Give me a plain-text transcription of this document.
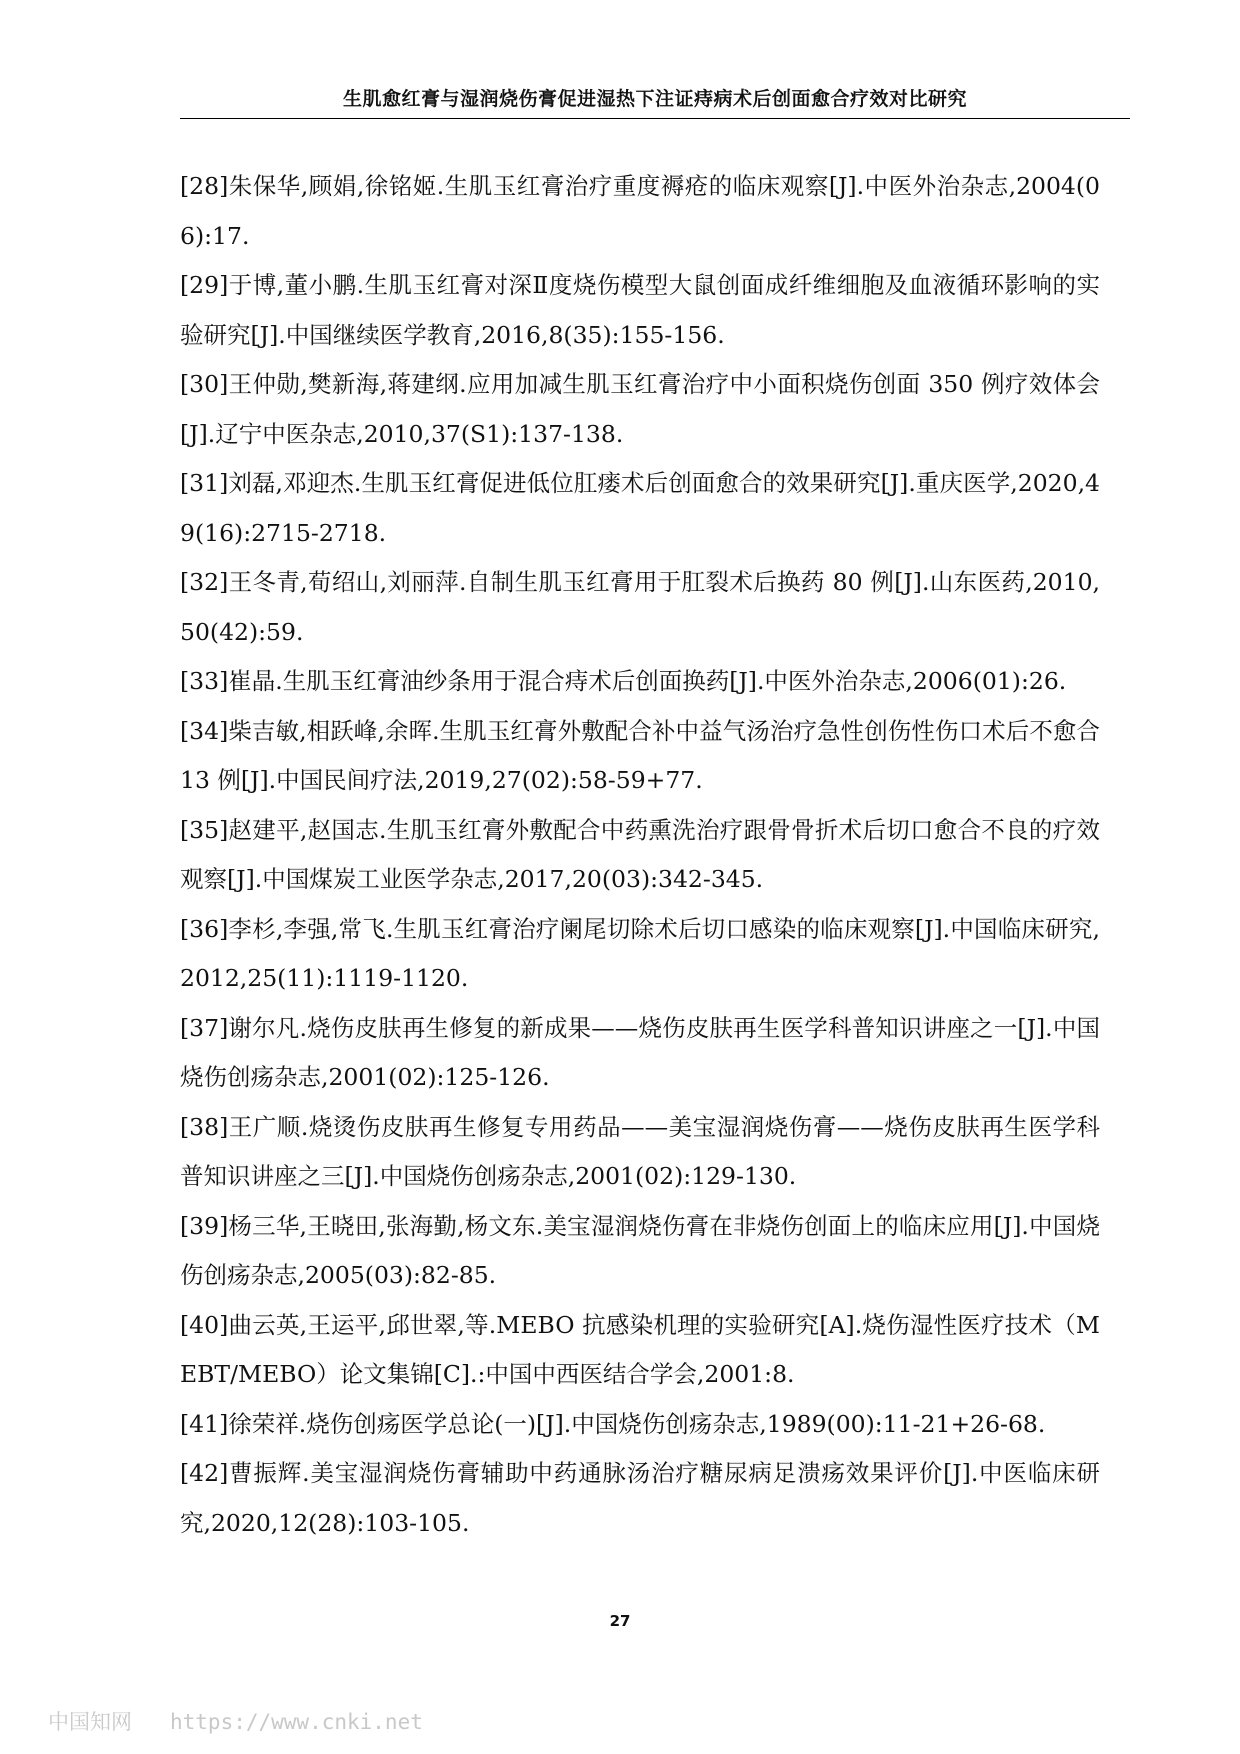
生肌愈红膏与湿润烧伤膏促进湿热下注证痔病术后创面愈合疗效对比研究

[28]朱保华,顾娟,徐铭姬.生肌玉红膏治疗重度褥疮的临床观察[J].中医外治杂志,2004(06):17.

[29]于博,董小鹏.生肌玉红膏对深Ⅱ度烧伤模型大鼠创面成纤维细胞及血液循环影响的实验研究[J].中国继续医学教育,2016,8(35):155-156.

[30]王仲勋,樊新海,蒋建纲.应用加减生肌玉红膏治疗中小面积烧伤创面 350 例疗效体会[J].辽宁中医杂志,2010,37(S1):137-138.

[31]刘磊,邓迎杰.生肌玉红膏促进低位肛瘘术后创面愈合的效果研究[J].重庆医学,2020,49(16):2715-2718.

[32]王冬青,荀绍山,刘丽萍.自制生肌玉红膏用于肛裂术后换药 80 例[J].山东医药,2010,50(42):59.

[33]崔晶.生肌玉红膏油纱条用于混合痔术后创面换药[J].中医外治杂志,2006(01):26.

[34]柴吉敏,相跃峰,余晖.生肌玉红膏外敷配合补中益气汤治疗急性创伤性伤口术后不愈合 13 例[J].中国民间疗法,2019,27(02):58-59+77.

[35]赵建平,赵国志.生肌玉红膏外敷配合中药熏洗治疗跟骨骨折术后切口愈合不良的疗效观察[J].中国煤炭工业医学杂志,2017,20(03):342-345.

[36]李杉,李强,常飞.生肌玉红膏治疗阑尾切除术后切口感染的临床观察[J].中国临床研究,2012,25(11):1119-1120.

[37]谢尔凡.烧伤皮肤再生修复的新成果——烧伤皮肤再生医学科普知识讲座之一[J].中国烧伤创疡杂志,2001(02):125-126.

[38]王广顺.烧烫伤皮肤再生修复专用药品——美宝湿润烧伤膏——烧伤皮肤再生医学科普知识讲座之三[J].中国烧伤创疡杂志,2001(02):129-130.

[39]杨三华,王晓田,张海勤,杨文东.美宝湿润烧伤膏在非烧伤创面上的临床应用[J].中国烧伤创疡杂志,2005(03):82-85.

[40]曲云英,王运平,邱世翠,等.MEBO 抗感染机理的实验研究[A].烧伤湿性医疗技术（MEBT/MEBO）论文集锦[C].:中国中西医结合学会,2001:8.

[41]徐荣祥.烧伤创疡医学总论(一)[J].中国烧伤创疡杂志,1989(00):11-21+26-68.

[42]曹振辉.美宝湿润烧伤膏辅助中药通脉汤治疗糖尿病足溃疡效果评价[J].中医临床研究,2020,12(28):103-105.

27
中国知网 https://www.cnki.net
